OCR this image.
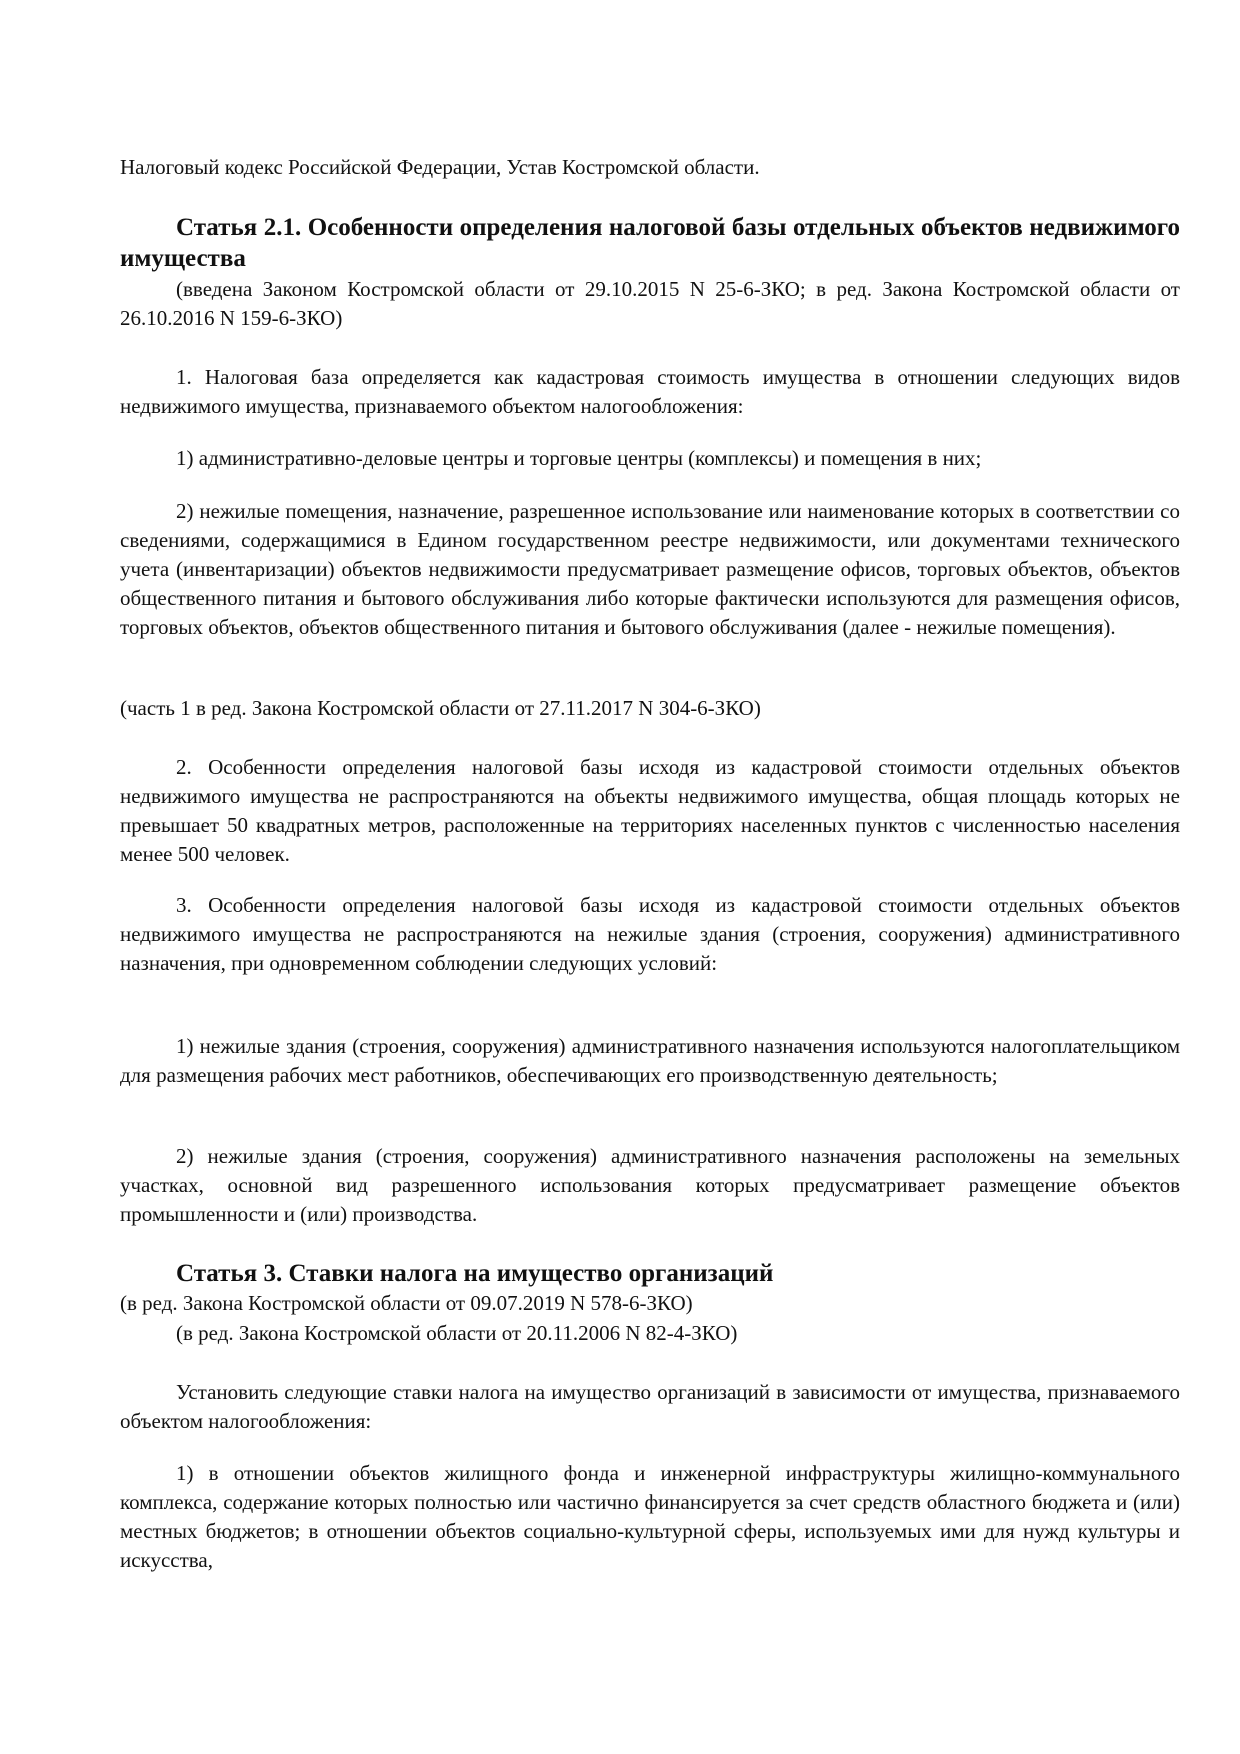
Налоговый кодекс Российской Федерации, Устав Костромской области.

Статья 2.1. Особенности определения налоговой базы отдельных объектов недвижимого имущества

(введена Законом Костромской области от 29.10.2015 N 25-6-ЗКО; в ред. Закона Костромской области от 26.10.2016 N 159-6-ЗКО)

1. Налоговая база определяется как кадастровая стоимость имущества в отношении следующих видов недвижимого имущества, признаваемого объектом налогообложения:

1) административно-деловые центры и торговые центры (комплексы) и помещения в них;

2) нежилые помещения, назначение, разрешенное использование или наименование которых в соответствии со сведениями, содержащимися в Едином государственном реестре недвижимости, или документами технического учета (инвентаризации) объектов недвижимости предусматривает размещение офисов, торговых объектов, объектов общественного питания и бытового обслуживания либо которые фактически используются для размещения офисов, торговых объектов, объектов общественного питания и бытового обслуживания (далее - нежилые помещения).

(часть 1 в ред. Закона Костромской области от 27.11.2017 N 304-6-ЗКО)

2. Особенности определения налоговой базы исходя из кадастровой стоимости отдельных объектов недвижимого имущества не распространяются на объекты недвижимого имущества, общая площадь которых не превышает 50 квадратных метров, расположенные на территориях населенных пунктов с численностью населения менее 500 человек.

3. Особенности определения налоговой базы исходя из кадастровой стоимости отдельных объектов недвижимого имущества не распространяются на нежилые здания (строения, сооружения) административного назначения, при одновременном соблюдении следующих условий:

1) нежилые здания (строения, сооружения) административного назначения используются налогоплательщиком для размещения рабочих мест работников, обеспечивающих его производственную деятельность;

2) нежилые здания (строения, сооружения) административного назначения расположены на земельных участках, основной вид разрешенного использования которых предусматривает размещение объектов промышленности и (или) производства.

Статья 3. Ставки налога на имущество организаций

(в ред. Закона Костромской области от 09.07.2019 N 578-6-ЗКО)

(в ред. Закона Костромской области от 20.11.2006 N 82-4-ЗКО)

Установить следующие ставки налога на имущество организаций в зависимости от имущества, признаваемого объектом налогообложения:

1) в отношении объектов жилищного фонда и инженерной инфраструктуры жилищно-коммунального комплекса, содержание которых полностью или частично финансируется за счет средств областного бюджета и (или) местных бюджетов; в отношении объектов социально-культурной сферы, используемых ими для нужд культуры и искусства,
